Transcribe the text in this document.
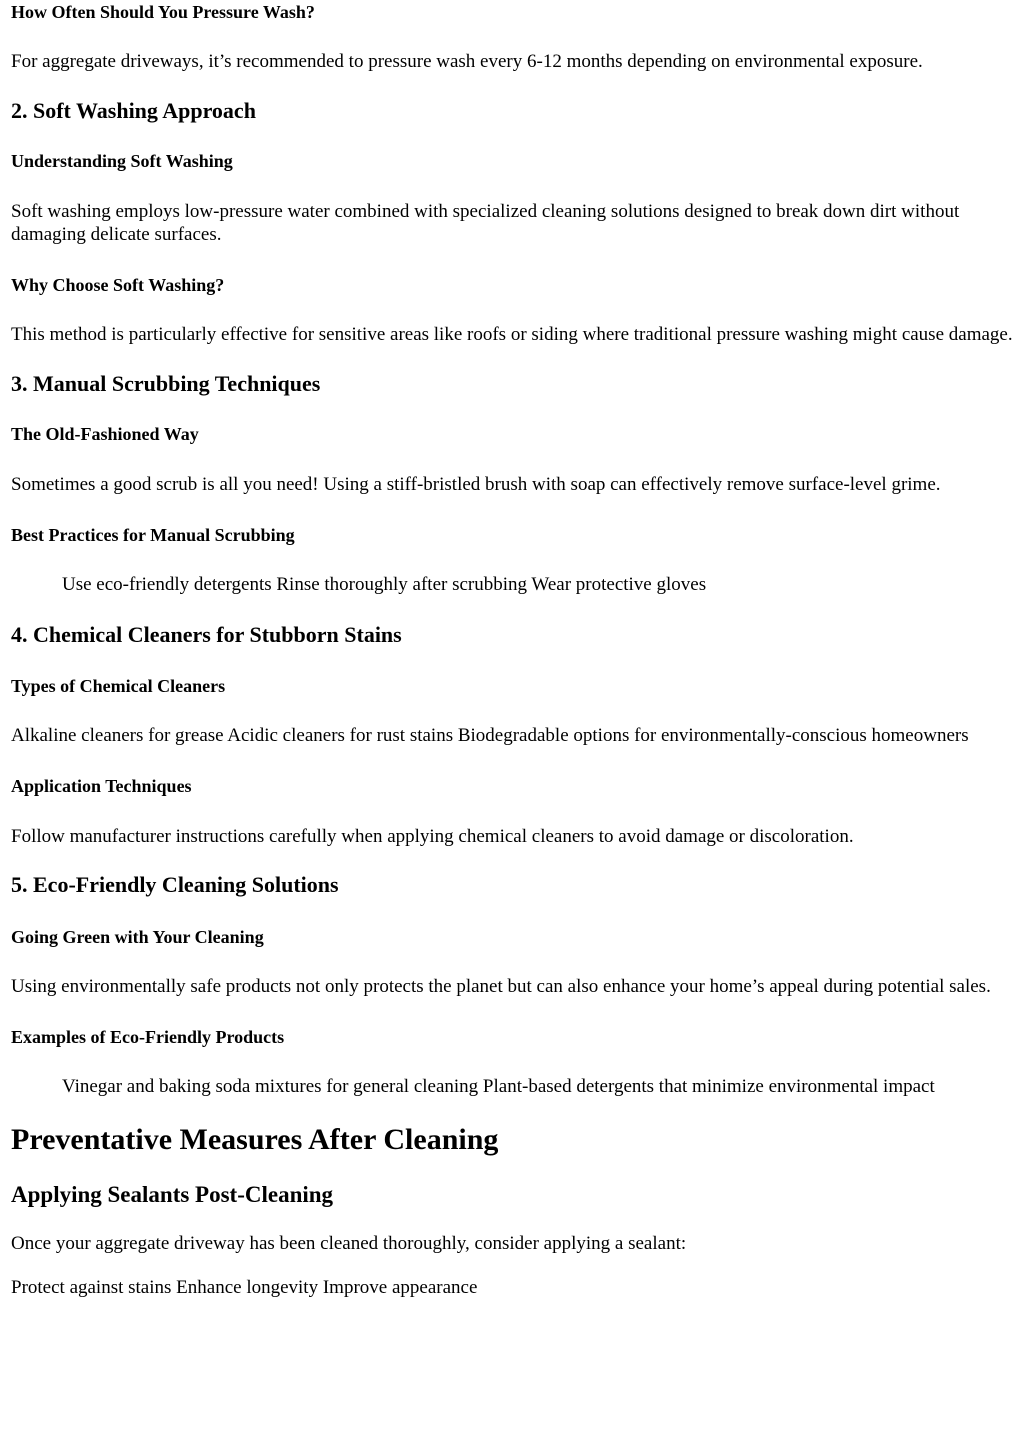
How Often Should You Pressure Wash?

For aggregate driveways, it’s recommended to pressure wash every 6-12 months depending on environmental exposure.

2. Soft Washing Approach
Understanding Soft Washing

Soft washing employs low-pressure water combined with specialized cleaning solutions designed to break down dirt without damaging delicate surfaces.

Why Choose Soft Washing?

This method is particularly effective for sensitive areas like roofs or siding where traditional pressure washing might cause damage.

3. Manual Scrubbing Techniques
The Old-Fashioned Way

Sometimes a good scrub is all you need! Using a stiff-bristled brush with soap can effectively remove surface-level grime.

Best Practices for Manual Scrubbing
Use eco-friendly detergents Rinse thoroughly after scrubbing Wear protective gloves
4. Chemical Cleaners for Stubborn Stains
Types of Chemical Cleaners

Alkaline cleaners for grease Acidic cleaners for rust stains Biodegradable options for environmentally-conscious homeowners

Application Techniques

Follow manufacturer instructions carefully when applying chemical cleaners to avoid damage or discoloration.

5. Eco-Friendly Cleaning Solutions
Going Green with Your Cleaning

Using environmentally safe products not only protects the planet but can also enhance your home’s appeal during potential sales.

Examples of Eco-Friendly Products
Vinegar and baking soda mixtures for general cleaning Plant-based detergents that minimize environmental impact
Preventative Measures After Cleaning
Applying Sealants Post-Cleaning

Once your aggregate driveway has been cleaned thoroughly, consider applying a sealant:

Protect against stains Enhance longevity Improve appearance
